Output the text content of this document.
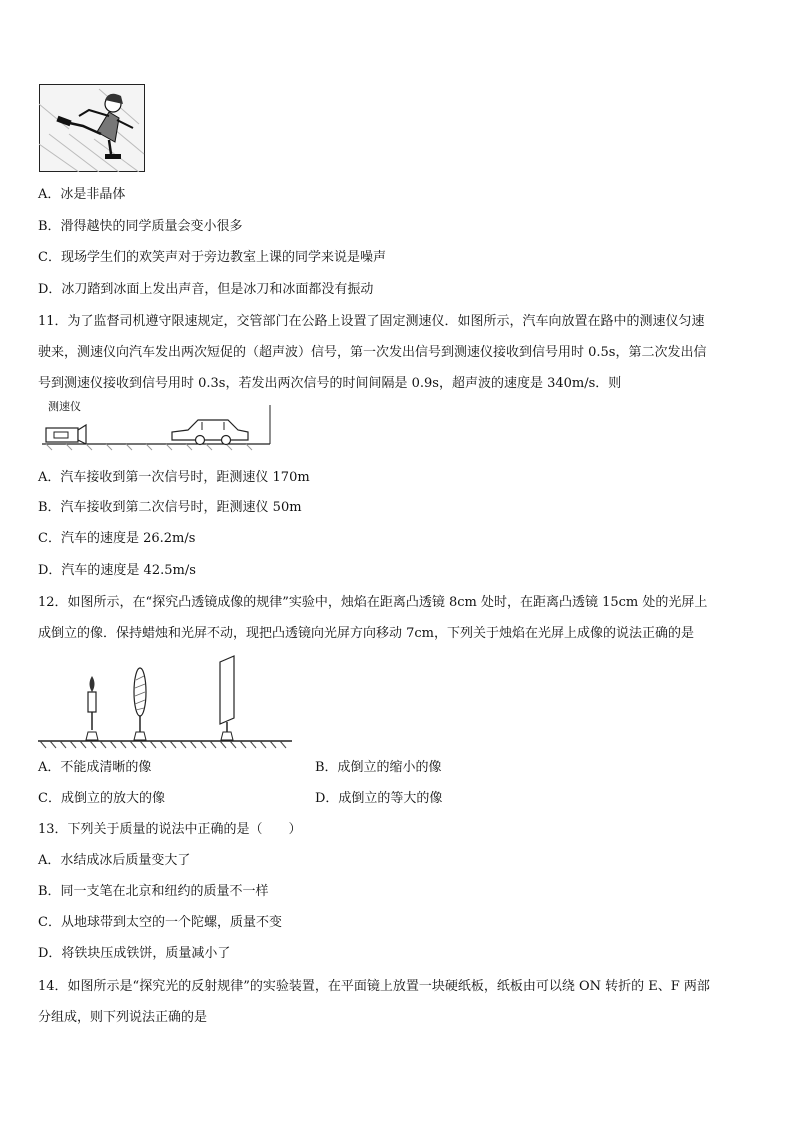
A．冰是非晶体
B．滑得越快的同学质量会变小很多
C．现场学生们的欢笑声对于旁边教室上课的同学来说是噪声
D．冰刀踏到冰面上发出声音，但是冰刀和冰面都没有振动
11．为了监督司机遵守限速规定，交管部门在公路上设置了固定测速仪．如图所示，汽车向放置在路中的测速仪匀速
驶来，测速仪向汽车发出两次短促的（超声波）信号，第一次发出信号到测速仪接收到信号用时 0.5s，第二次发出信
号到测速仪接收到信号用时 0.3s，若发出两次信号的时间间隔是 0.9s，超声波的速度是 340m/s．则
测速仪
A．汽车接收到第一次信号时，距测速仪 170m
B．汽车接收到第二次信号时，距测速仪 50m
C．汽车的速度是 26.2m/s
D．汽车的速度是 42.5m/s
12．如图所示，在“探究凸透镜成像的规律”实验中，烛焰在距离凸透镜 8cm 处时，在距离凸透镜 15cm 处的光屏上
成倒立的像．保持蜡烛和光屏不动，现把凸透镜向光屏方向移动 7cm，下列关于烛焰在光屏上成像的说法正确的是
A．不能成清晰的像	B．成倒立的缩小的像
C．成倒立的放大的像	D．成倒立的等大的像
13．下列关于质量的说法中正确的是（　　）
A．水结成冰后质量变大了
B．同一支笔在北京和纽约的质量不一样
C．从地球带到太空的一个陀螺，质量不变
D．将铁块压成铁饼，质量减小了
14．如图所示是“探究光的反射规律”的实验装置，在平面镜上放置一块硬纸板，纸板由可以绕 ON 转折的 E、F 两部
分组成，则下列说法正确的是
